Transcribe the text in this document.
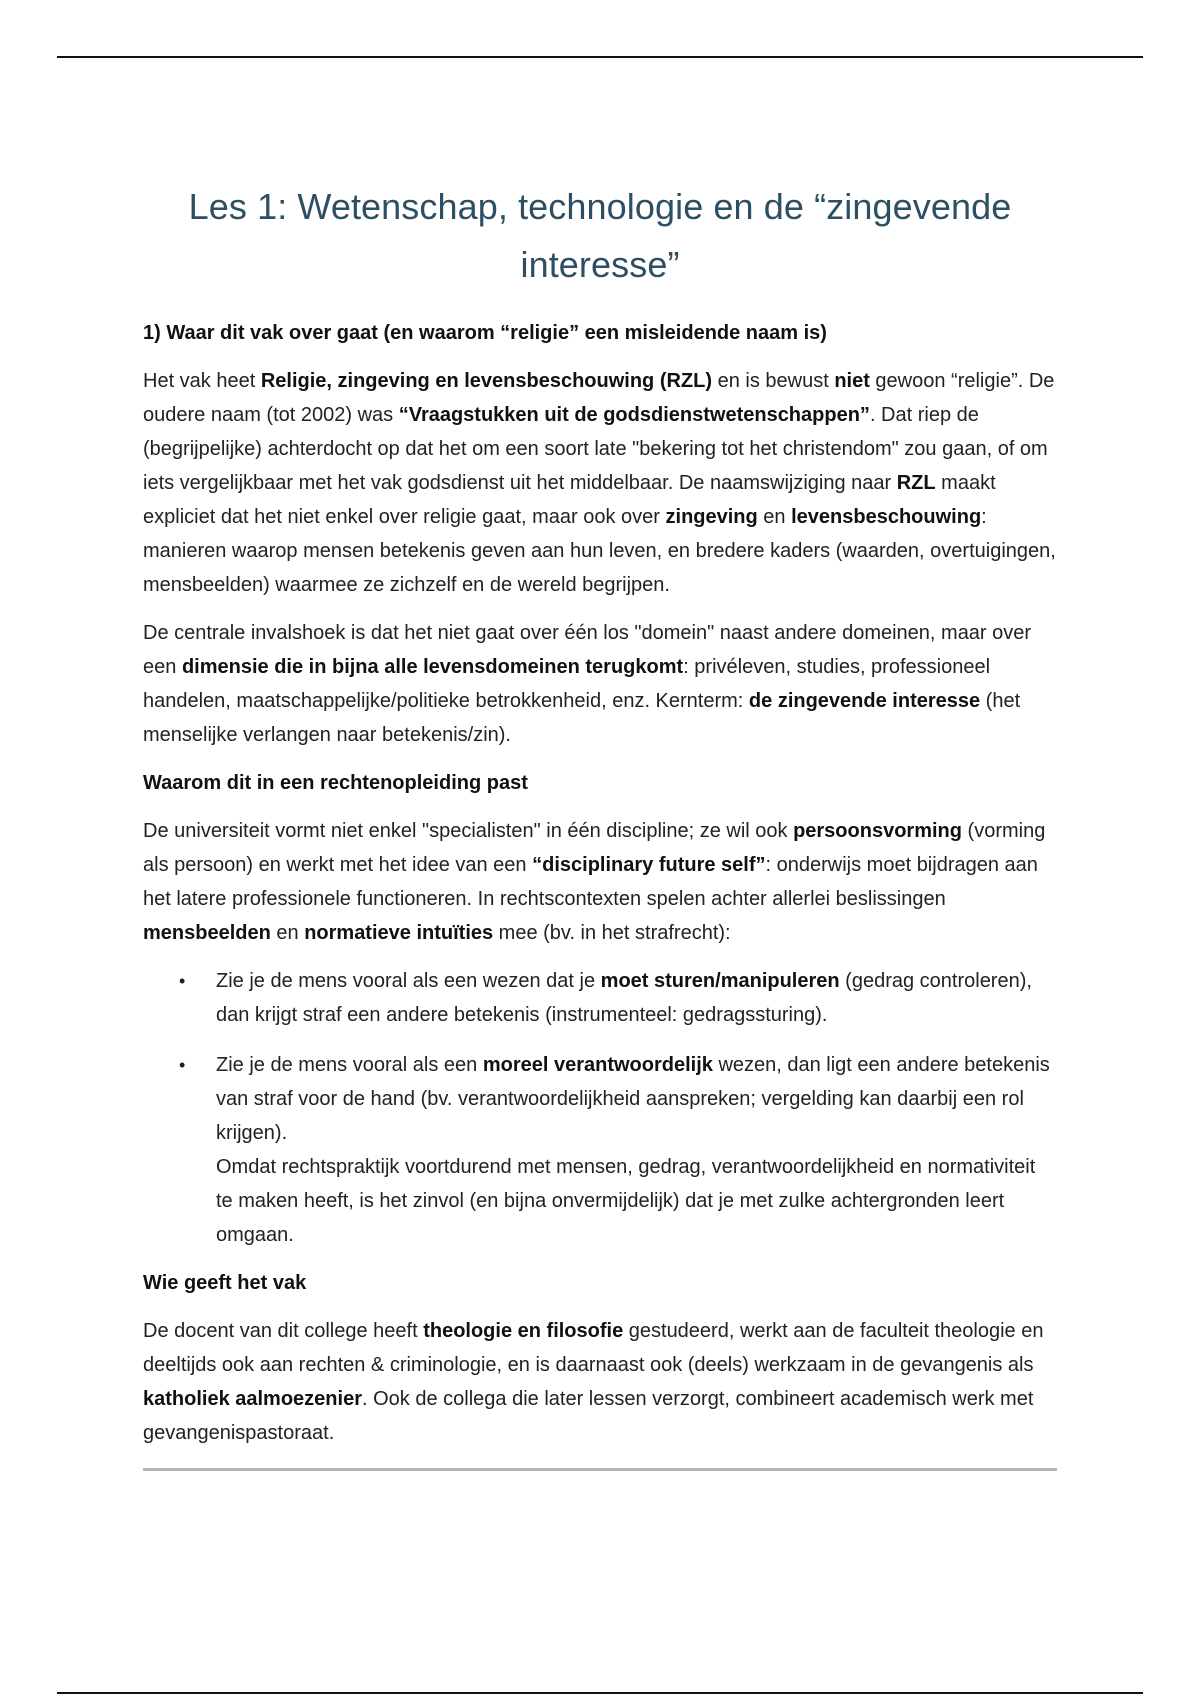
Les 1: Wetenschap, technologie en de “zingevende
interesse”
1) Waar dit vak over gaat (en waarom “religie” een misleidende naam is)

Het vak heet Religie, zingeving en levensbeschouwing (RZL) en is bewust niet gewoon “religie”. De oudere naam (tot 2002) was “Vraagstukken uit de godsdienstwetenschappen”. Dat riep de (begrijpelijke) achterdocht op dat het om een soort late "bekering tot het christendom" zou gaan, of om iets vergelijkbaar met het vak godsdienst uit het middelbaar. De naamswijziging naar RZL maakt expliciet dat het niet enkel over religie gaat, maar ook over zingeving en levensbeschouwing: manieren waarop mensen betekenis geven aan hun leven, en bredere kaders (waarden, overtuigingen, mensbeelden) waarmee ze zichzelf en de wereld begrijpen.

De centrale invalshoek is dat het niet gaat over één los "domein" naast andere domeinen, maar over een dimensie die in bijna alle levensdomeinen terugkomt: privéleven, studies, professioneel handelen, maatschappelijke/politieke betrokkenheid, enz. Kernterm: de zingevende interesse (het menselijke verlangen naar betekenis/zin).

Waarom dit in een rechtenopleiding past

De universiteit vormt niet enkel "specialisten" in één discipline; ze wil ook persoonsvorming (vorming als persoon) en werkt met het idee van een “disciplinary future self”: onderwijs moet bijdragen aan het latere professionele functioneren. In rechtscontexten spelen achter allerlei beslissingen mensbeelden en normatieve intuïties mee (bv. in het strafrecht):

• Zie je de mens vooral als een wezen dat je moet sturen/manipuleren (gedrag controleren), dan krijgt straf een andere betekenis (instrumenteel: gedragssturing).
• Zie je de mens vooral als een moreel verantwoordelijk wezen, dan ligt een andere betekenis van straf voor de hand (bv. verantwoordelijkheid aanspreken; vergelding kan daarbij een rol krijgen).
Omdat rechtspraktijk voortdurend met mensen, gedrag, verantwoordelijkheid en normativiteit te maken heeft, is het zinvol (en bijna onvermijdelijk) dat je met zulke achtergronden leert omgaan.
Wie geeft het vak

De docent van dit college heeft theologie en filosofie gestudeerd, werkt aan de faculteit theologie en deeltijds ook aan rechten & criminologie, en is daarnaast ook (deels) werkzaam in de gevangenis als katholiek aalmoezenier. Ook de collega die later lessen verzorgt, combineert academisch werk met gevangenispastoraat.
